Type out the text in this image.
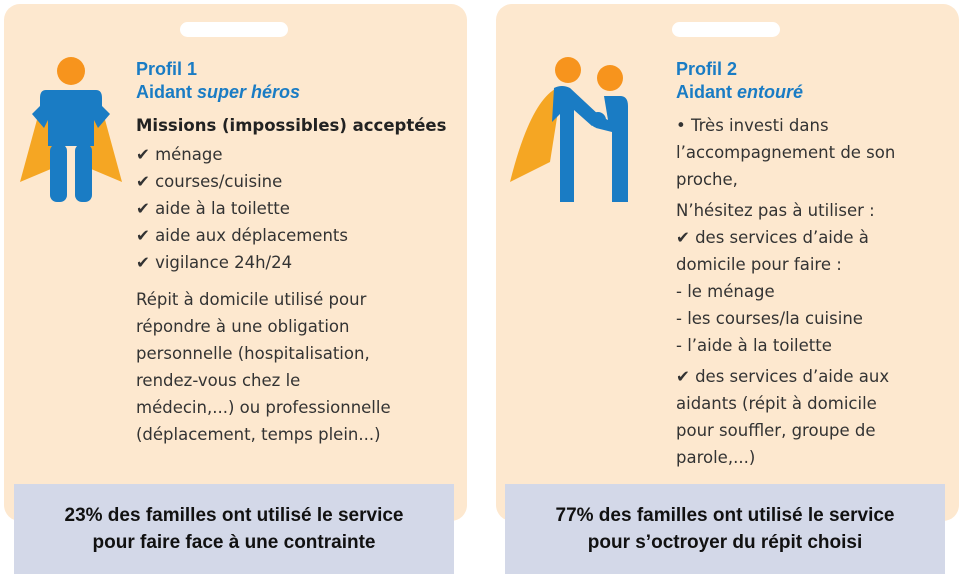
Profil 1
Aidant super héros
Missions (impossibles) acceptées
✔ ménage
✔ courses/cuisine
✔ aide à la toilette
✔ aide aux déplacements
✔ vigilance 24h/24
Répit à domicile utilisé pour
répondre à une obligation
personnelle (hospitalisation,
rendez-vous chez le
médecin,...) ou professionnelle
(déplacement, temps plein...)
Profil 2
Aidant entouré
• Très investi dans
l’accompagnement de son
proche,
N’hésitez pas à utiliser :
✔ des services d’aide à
domicile pour faire :
- le ménage
- les courses/la cuisine
- l’aide à la toilette
✔ des services d’aide aux
aidants (répit à domicile
pour souffler, groupe de
parole,...)
23% des familles ont utilisé le service
pour faire face à une contrainte
77% des familles ont utilisé le service
pour s’octroyer du répit choisi
